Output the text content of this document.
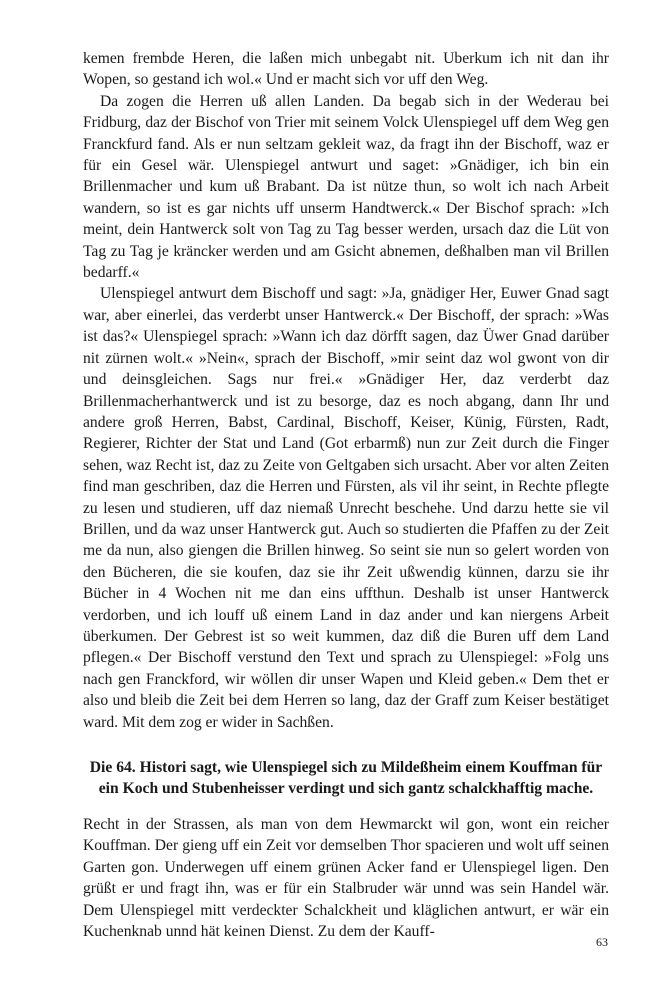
kemen frembde Heren, die laßen mich unbegabt nit. Uberkum ich nit dan ihr Wopen, so gestand ich wol.« Und er macht sich vor uff den Weg.

Da zogen die Herren uß allen Landen. Da begab sich in der Wederau bei Fridburg, daz der Bischof von Trier mit seinem Volck Ulenspiegel uff dem Weg gen Franckfurd fand. Als er nun seltzam gekleit waz, da fragt ihn der Bischoff, waz er für ein Gesel wär. Ulenspiegel antwurt und saget: »Gnädiger, ich bin ein Brillenmacher und kum uß Brabant. Da ist nütze thun, so wolt ich nach Arbeit wandern, so ist es gar nichts uff unserm Handtwerck.« Der Bischof sprach: »Ich meint, dein Hantwerck solt von Tag zu Tag besser werden, ursach daz die Lüt von Tag zu Tag je kräncker werden und am Gsicht abnemen, deßhalben man vil Brillen bedarff.«

Ulenspiegel antwurt dem Bischoff und sagt: »Ja, gnädiger Her, Euwer Gnad sagt war, aber einerlei, das verderbt unser Hantwerck.« Der Bischoff, der sprach: »Was ist das?« Ulenspiegel sprach: »Wann ich daz dörfft sagen, daz Üwer Gnad darüber nit zürnen wolt.« »Nein«, sprach der Bischoff, »mir seint daz wol gwont von dir und deinsgleichen. Sags nur frei.« »Gnädiger Her, daz verderbt daz Brillenmacherhantwerck und ist zu besorge, daz es noch abgang, dann Ihr und andere groß Herren, Babst, Cardinal, Bischoff, Keiser, Künig, Fürsten, Radt, Regierer, Richter der Stat und Land (Got erbarmß) nun zur Zeit durch die Finger sehen, waz Recht ist, daz zu Zeite von Geltgaben sich ursacht. Aber vor alten Zeiten find man geschriben, daz die Herren und Fürsten, als vil ihr seint, in Rechte pflegte zu lesen und studieren, uff daz niemaß Unrecht beschehe. Und darzu hette sie vil Brillen, und da waz unser Hantwerck gut. Auch so studierten die Pfaffen zu der Zeit me da nun, also giengen die Brillen hinweg. So seint sie nun so gelert worden von den Bücheren, die sie koufen, daz sie ihr Zeit ußwendig künnen, darzu sie ihr Bücher in 4 Wochen nit me dan eins uffthun. Deshalb ist unser Hantwerck verdorben, und ich louff uß einem Land in daz ander und kan niergens Arbeit überkumen. Der Gebrest ist so weit kummen, daz diß die Buren uff dem Land pflegen.« Der Bischoff verstund den Text und sprach zu Ulenspiegel: »Folg uns nach gen Franckford, wir wöllen dir unser Wapen und Kleid geben.« Dem thet er also und bleib die Zeit bei dem Herren so lang, daz der Graff zum Keiser bestätiget ward. Mit dem zog er wider in Sachßen.

Die 64. Histori sagt, wie Ulenspiegel sich zu Mildeßheim einem Kouffman für ein Koch und Stubenheisser verdingt und sich gantz schalckhafftig mache.

Recht in der Strassen, als man von dem Hewmarckt wil gon, wont ein reicher Kouffman. Der gieng uff ein Zeit vor demselben Thor spacieren und wolt uff seinen Garten gon. Underwegen uff einem grünen Acker fand er Ulenspiegel ligen. Den grüßt er und fragt ihn, was er für ein Stalbruder wär unnd was sein Handel wär. Dem Ulenspiegel mitt verdeckter Schalckheit und kläglichen antwurt, er wär ein Kuchenknab unnd hät keinen Dienst. Zu dem der Kauff-

63
